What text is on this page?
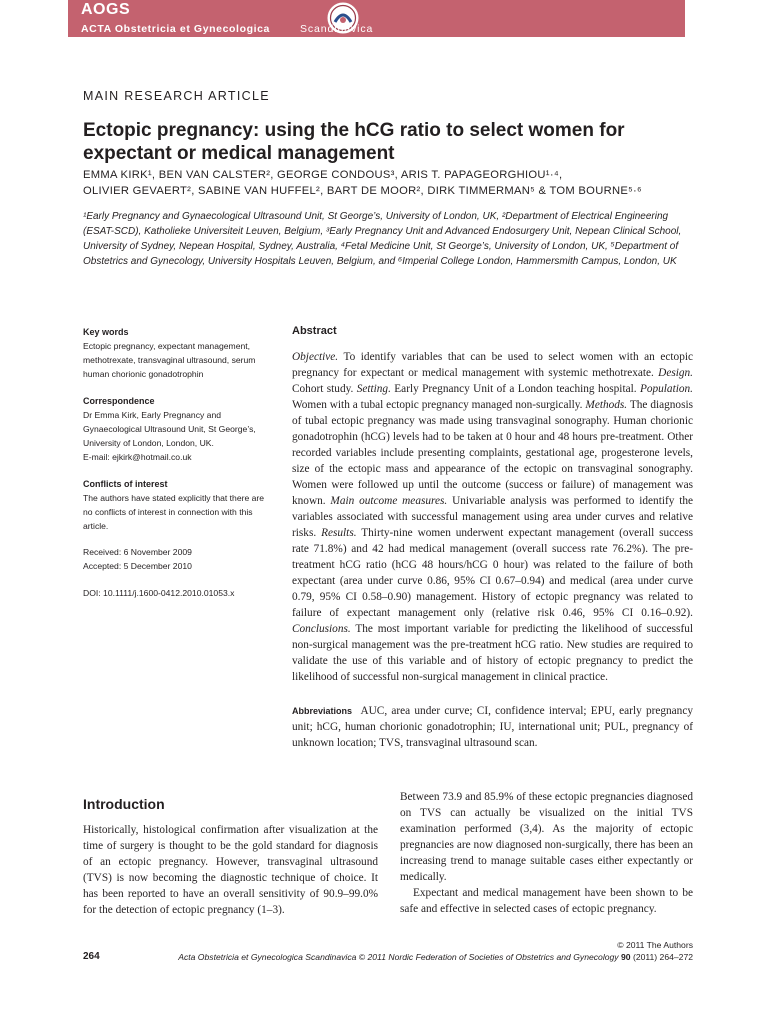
AOGS
ACTA Obstetricia et Gynecologica	Scandinavica
MAIN RESEARCH ARTICLE
Ectopic pregnancy: using the hCG ratio to select women for expectant or medical management
EMMA KIRK¹, BEN VAN CALSTER², GEORGE CONDOUS³, ARIS T. PAPAGEORGHIOU¹·⁴,
OLIVIER GEVAERT², SABINE VAN HUFFEL², BART DE MOOR², DIRK TIMMERMAN⁵ & TOM BOURNE⁵·⁶
¹Early Pregnancy and Gynaecological Ultrasound Unit, St George’s, University of London, UK, ²Department of Electrical Engineering (ESAT-SCD), Katholieke Universiteit Leuven, Belgium, ³Early Pregnancy Unit and Advanced Endosurgery Unit, Nepean Clinical School, University of Sydney, Nepean Hospital, Sydney, Australia, ⁴Fetal Medicine Unit, St George’s, University of London, UK, ⁵Department of Obstetrics and Gynecology, University Hospitals Leuven, Belgium, and ⁶Imperial College London, Hammersmith Campus, London, UK
Key words
Ectopic pregnancy, expectant management, methotrexate, transvaginal ultrasound, serum human chorionic gonadotrophin
Correspondence
Dr Emma Kirk, Early Pregnancy and Gynaecological Ultrasound Unit, St George’s, University of London, London, UK.
E-mail: ejkirk@hotmail.co.uk
Conflicts of interest
The authors have stated explicitly that there are no conflicts of interest in connection with this article.
Received: 6 November 2009
Accepted: 5 December 2010
DOI: 10.1111/j.1600-0412.2010.01053.x
Abstract

Objective. To identify variables that can be used to select women with an ectopic pregnancy for expectant or medical management with systemic methotrexate. Design. Cohort study. Setting. Early Pregnancy Unit of a London teaching hospital. Population. Women with a tubal ectopic pregnancy managed non-surgically. Methods. The diagnosis of tubal ectopic pregnancy was made using transvaginal sonography. Human chorionic gonadotrophin (hCG) levels had to be taken at 0 hour and 48 hours pre-treatment. Other recorded variables include presenting complaints, gestational age, progesterone levels, size of the ectopic mass and appearance of the ectopic on transvaginal sonography. Women were followed up until the outcome (success or failure) of management was known. Main outcome measures. Univariable analysis was performed to identify the variables associated with successful management using area under curves and relative risks. Results. Thirty-nine women underwent expectant management (overall success rate 71.8%) and 42 had medical management (overall success rate 76.2%). The pre-treatment hCG ratio (hCG 48 hours/hCG 0 hour) was related to the failure of both expectant (area under curve 0.86, 95% CI 0.67–0.94) and medical (area under curve 0.79, 95% CI 0.58–0.90) management. History of ectopic pregnancy was related to failure of expectant management only (relative risk 0.46, 95% CI 0.16–0.92). Conclusions. The most important variable for predicting the likelihood of successful non-surgical management was the pre-treatment hCG ratio. New studies are required to validate the use of this variable and of history of ectopic pregnancy to predict the likelihood of successful non-surgical management in clinical practice.

Abbreviations AUC, area under curve; CI, confidence interval; EPU, early pregnancy unit; hCG, human chorionic gonadotrophin; IU, international unit; PUL, pregnancy of unknown location; TVS, transvaginal ultrasound scan.

Introduction

Historically, histological confirmation after visualization at the time of surgery is thought to be the gold standard for diagnosis of an ectopic pregnancy. However, transvaginal ultrasound (TVS) is now becoming the diagnostic technique of choice. It has been reported to have an overall sensitivity of 90.9–99.0% for the detection of ectopic pregnancy (1–3).

Between 73.9 and 85.9% of these ectopic pregnancies diagnosed on TVS can actually be visualized on the initial TVS examination performed (3,4). As the majority of ectopic pregnancies are now diagnosed non-surgically, there has been an increasing trend to manage suitable cases either expectantly or medically.
Expectant and medical management have been shown to be safe and effective in selected cases of ectopic pregnancy.

264
© 2011 The Authors
Acta Obstetricia et Gynecologica Scandinavica © 2011 Nordic Federation of Societies of Obstetrics and Gynecology 90 (2011) 264–272
